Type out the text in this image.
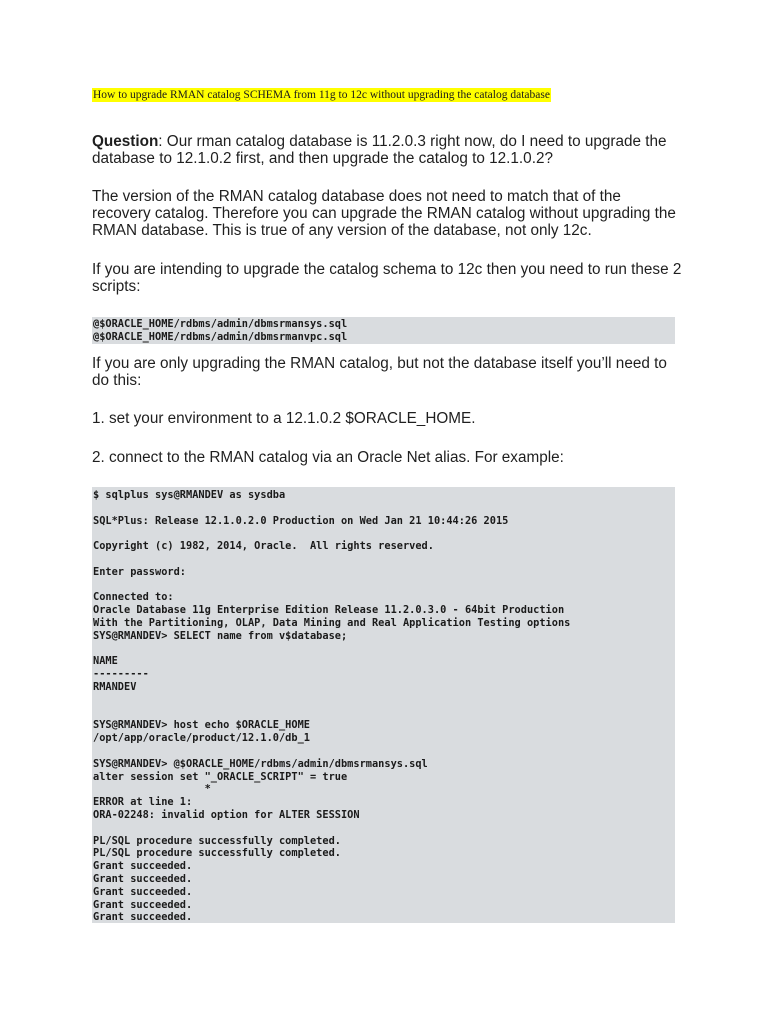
How to upgrade RMAN catalog SCHEMA from 11g to 12c without upgrading the catalog database
Question: Our rman catalog database is 11.2.0.3 right now, do I need to upgrade the database to 12.1.0.2 first, and then upgrade the catalog to 12.1.0.2?
The version of the RMAN catalog database does not need to match that of the recovery catalog. Therefore you can upgrade the RMAN catalog without upgrading the RMAN database. This is true of any version of the database, not only 12c.
If you are intending to upgrade the catalog schema to 12c then you need to run these 2 scripts:
@$ORACLE_HOME/rdbms/admin/dbmsrmansys.sql
@$ORACLE_HOME/rdbms/admin/dbmsrmanvpc.sql
If you are only upgrading the RMAN catalog, but not the database itself you’ll need to do this:
1. set your environment to a 12.1.0.2 $ORACLE_HOME.
2. connect to the RMAN catalog via an Oracle Net alias. For example:
$ sqlplus sys@RMANDEV as sysdba
SQL*Plus: Release 12.1.0.2.0 Production on Wed Jan 21 10:44:26 2015
Copyright (c) 1982, 2014, Oracle.  All rights reserved.
Enter password:
Connected to:
Oracle Database 11g Enterprise Edition Release 11.2.0.3.0 - 64bit Production
With the Partitioning, OLAP, Data Mining and Real Application Testing options
SYS@RMANDEV> SELECT name from v$database;
NAME
---------
RMANDEV
SYS@RMANDEV> host echo $ORACLE_HOME
/opt/app/oracle/product/12.1.0/db_1
SYS@RMANDEV> @$ORACLE_HOME/rdbms/admin/dbmsrmansys.sql
alter session set "_ORACLE_SCRIPT" = true
*
ERROR at line 1:
ORA-02248: invalid option for ALTER SESSION
PL/SQL procedure successfully completed.
PL/SQL procedure successfully completed.
Grant succeeded.
Grant succeeded.
Grant succeeded.
Grant succeeded.
Grant succeeded.
